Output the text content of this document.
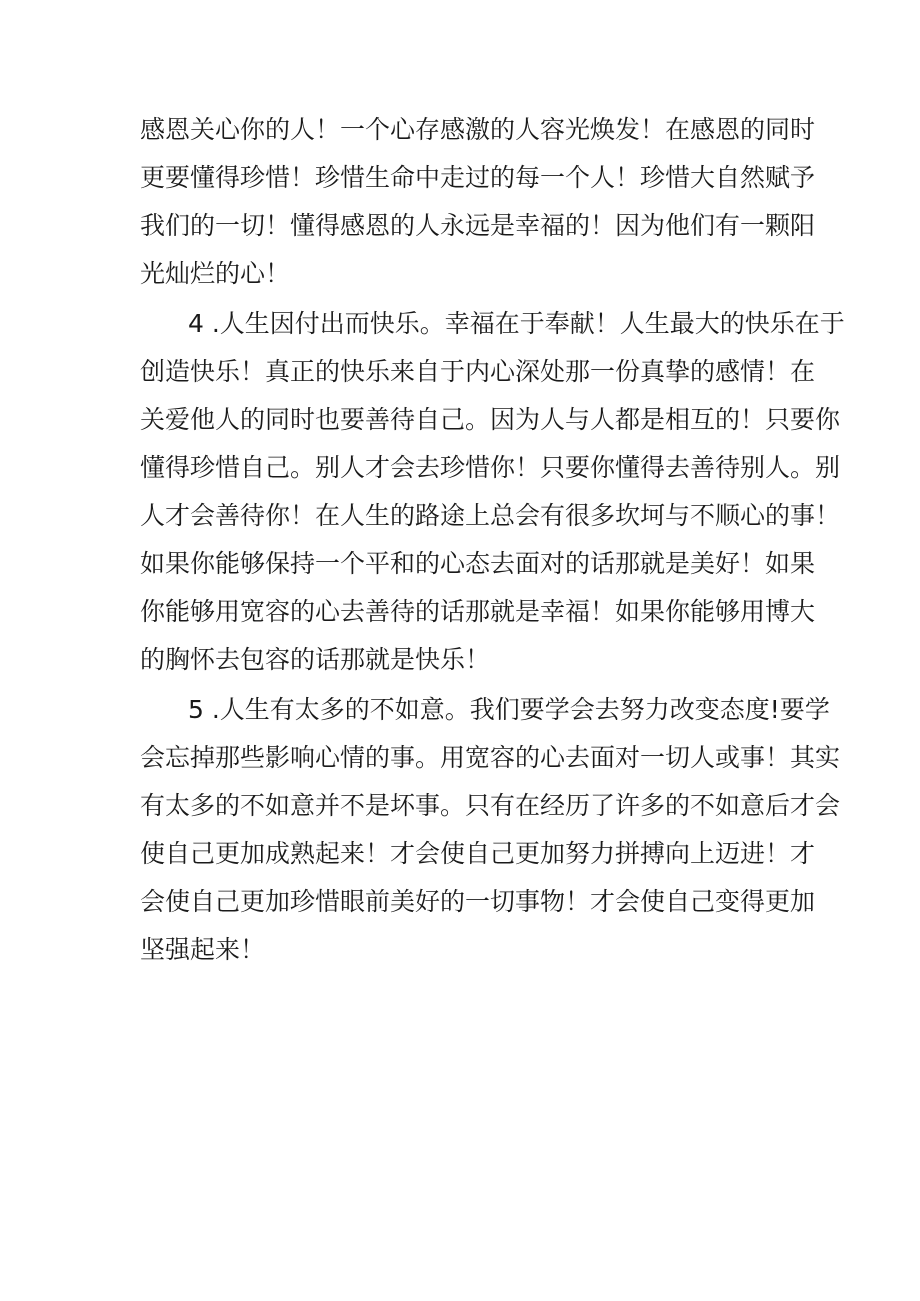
感恩关心你的人！一个心存感激的人容光焕发！在感恩的同时
更要懂得珍惜！珍惜生命中走过的每一个人！珍惜大自然赋予
我们的一切！懂得感恩的人永远是幸福的！因为他们有一颗阳
光灿烂的心！
4 .人生因付出而快乐。幸福在于奉献！人生最大的快乐在于
创造快乐！真正的快乐来自于内心深处那一份真挚的感情！在
关爱他人的同时也要善待自己。因为人与人都是相互的！只要你
懂得珍惜自己。别人才会去珍惜你！只要你懂得去善待别人。别
人才会善待你！在人生的路途上总会有很多坎坷与不顺心的事！
如果你能够保持一个平和的心态去面对的话那就是美好！如果
你能够用宽容的心去善待的话那就是幸福！如果你能够用博大
的胸怀去包容的话那就是快乐！
5 .人生有太多的不如意。我们要学会去努力改变态度!要学
会忘掉那些影响心情的事。用宽容的心去面对一切人或事！其实
有太多的不如意并不是坏事。只有在经历了许多的不如意后才会
使自己更加成熟起来！才会使自己更加努力拼搏向上迈进！才
会使自己更加珍惜眼前美好的一切事物！才会使自己变得更加
坚强起来！
